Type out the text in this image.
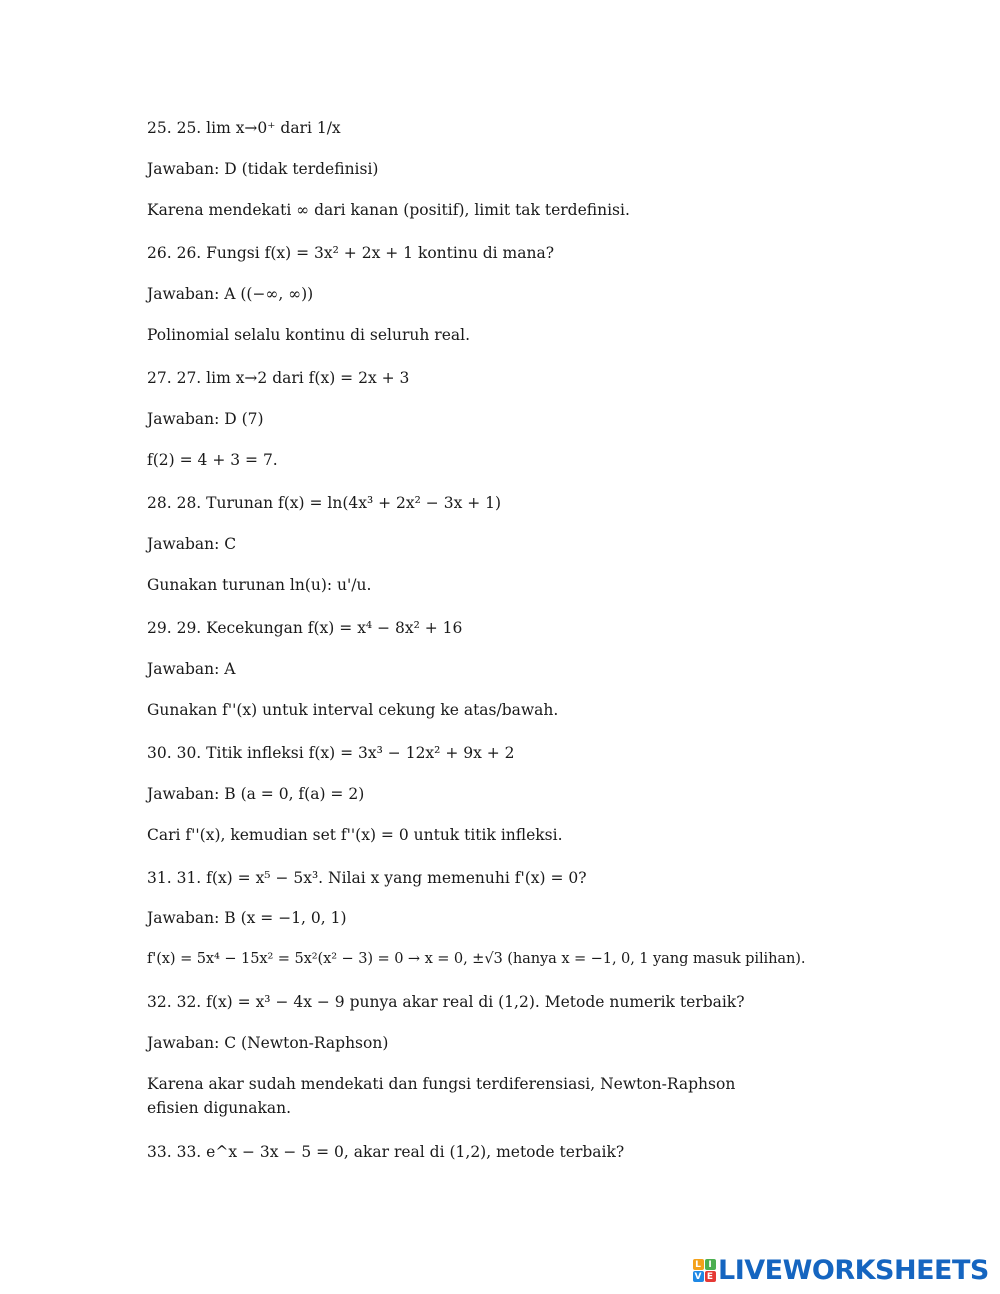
25. 25. lim x→0⁺ dari 1/x
Jawaban: D (tidak terdefinisi)
Karena mendekati ∞ dari kanan (positif), limit tak terdefinisi.
26. 26. Fungsi f(x) = 3x² + 2x + 1 kontinu di mana?
Jawaban: A ((−∞, ∞))
Polinomial selalu kontinu di seluruh real.
27. 27. lim x→2 dari f(x) = 2x + 3
Jawaban: D (7)
f(2) = 4 + 3 = 7.
28. 28. Turunan f(x) = ln(4x³ + 2x² − 3x + 1)
Jawaban: C
Gunakan turunan ln(u): u'/u.
29. 29. Kecekungan f(x) = x⁴ − 8x² + 16
Jawaban: A
Gunakan f''(x) untuk interval cekung ke atas/bawah.
30. 30. Titik infleksi f(x) = 3x³ − 12x² + 9x + 2
Jawaban: B (a = 0, f(a) = 2)
Cari f''(x), kemudian set f''(x) = 0 untuk titik infleksi.
31. 31. f(x) = x⁵ − 5x³. Nilai x yang memenuhi f'(x) = 0?
Jawaban: B (x = −1, 0, 1)
f'(x) = 5x⁴ − 15x² = 5x²(x² − 3) = 0 → x = 0, ±√3 (hanya x = −1, 0, 1 yang masuk pilihan).
32. 32. f(x) = x³ − 4x − 9 punya akar real di (1,2). Metode numerik terbaik?
Jawaban: C (Newton-Raphson)
Karena akar sudah mendekati dan fungsi terdiferensiasi, Newton-Raphson efisien digunakan.
33. 33. e^x − 3x − 5 = 0, akar real di (1,2), metode terbaik?
L I
V E LIVEWORKSHEETS
